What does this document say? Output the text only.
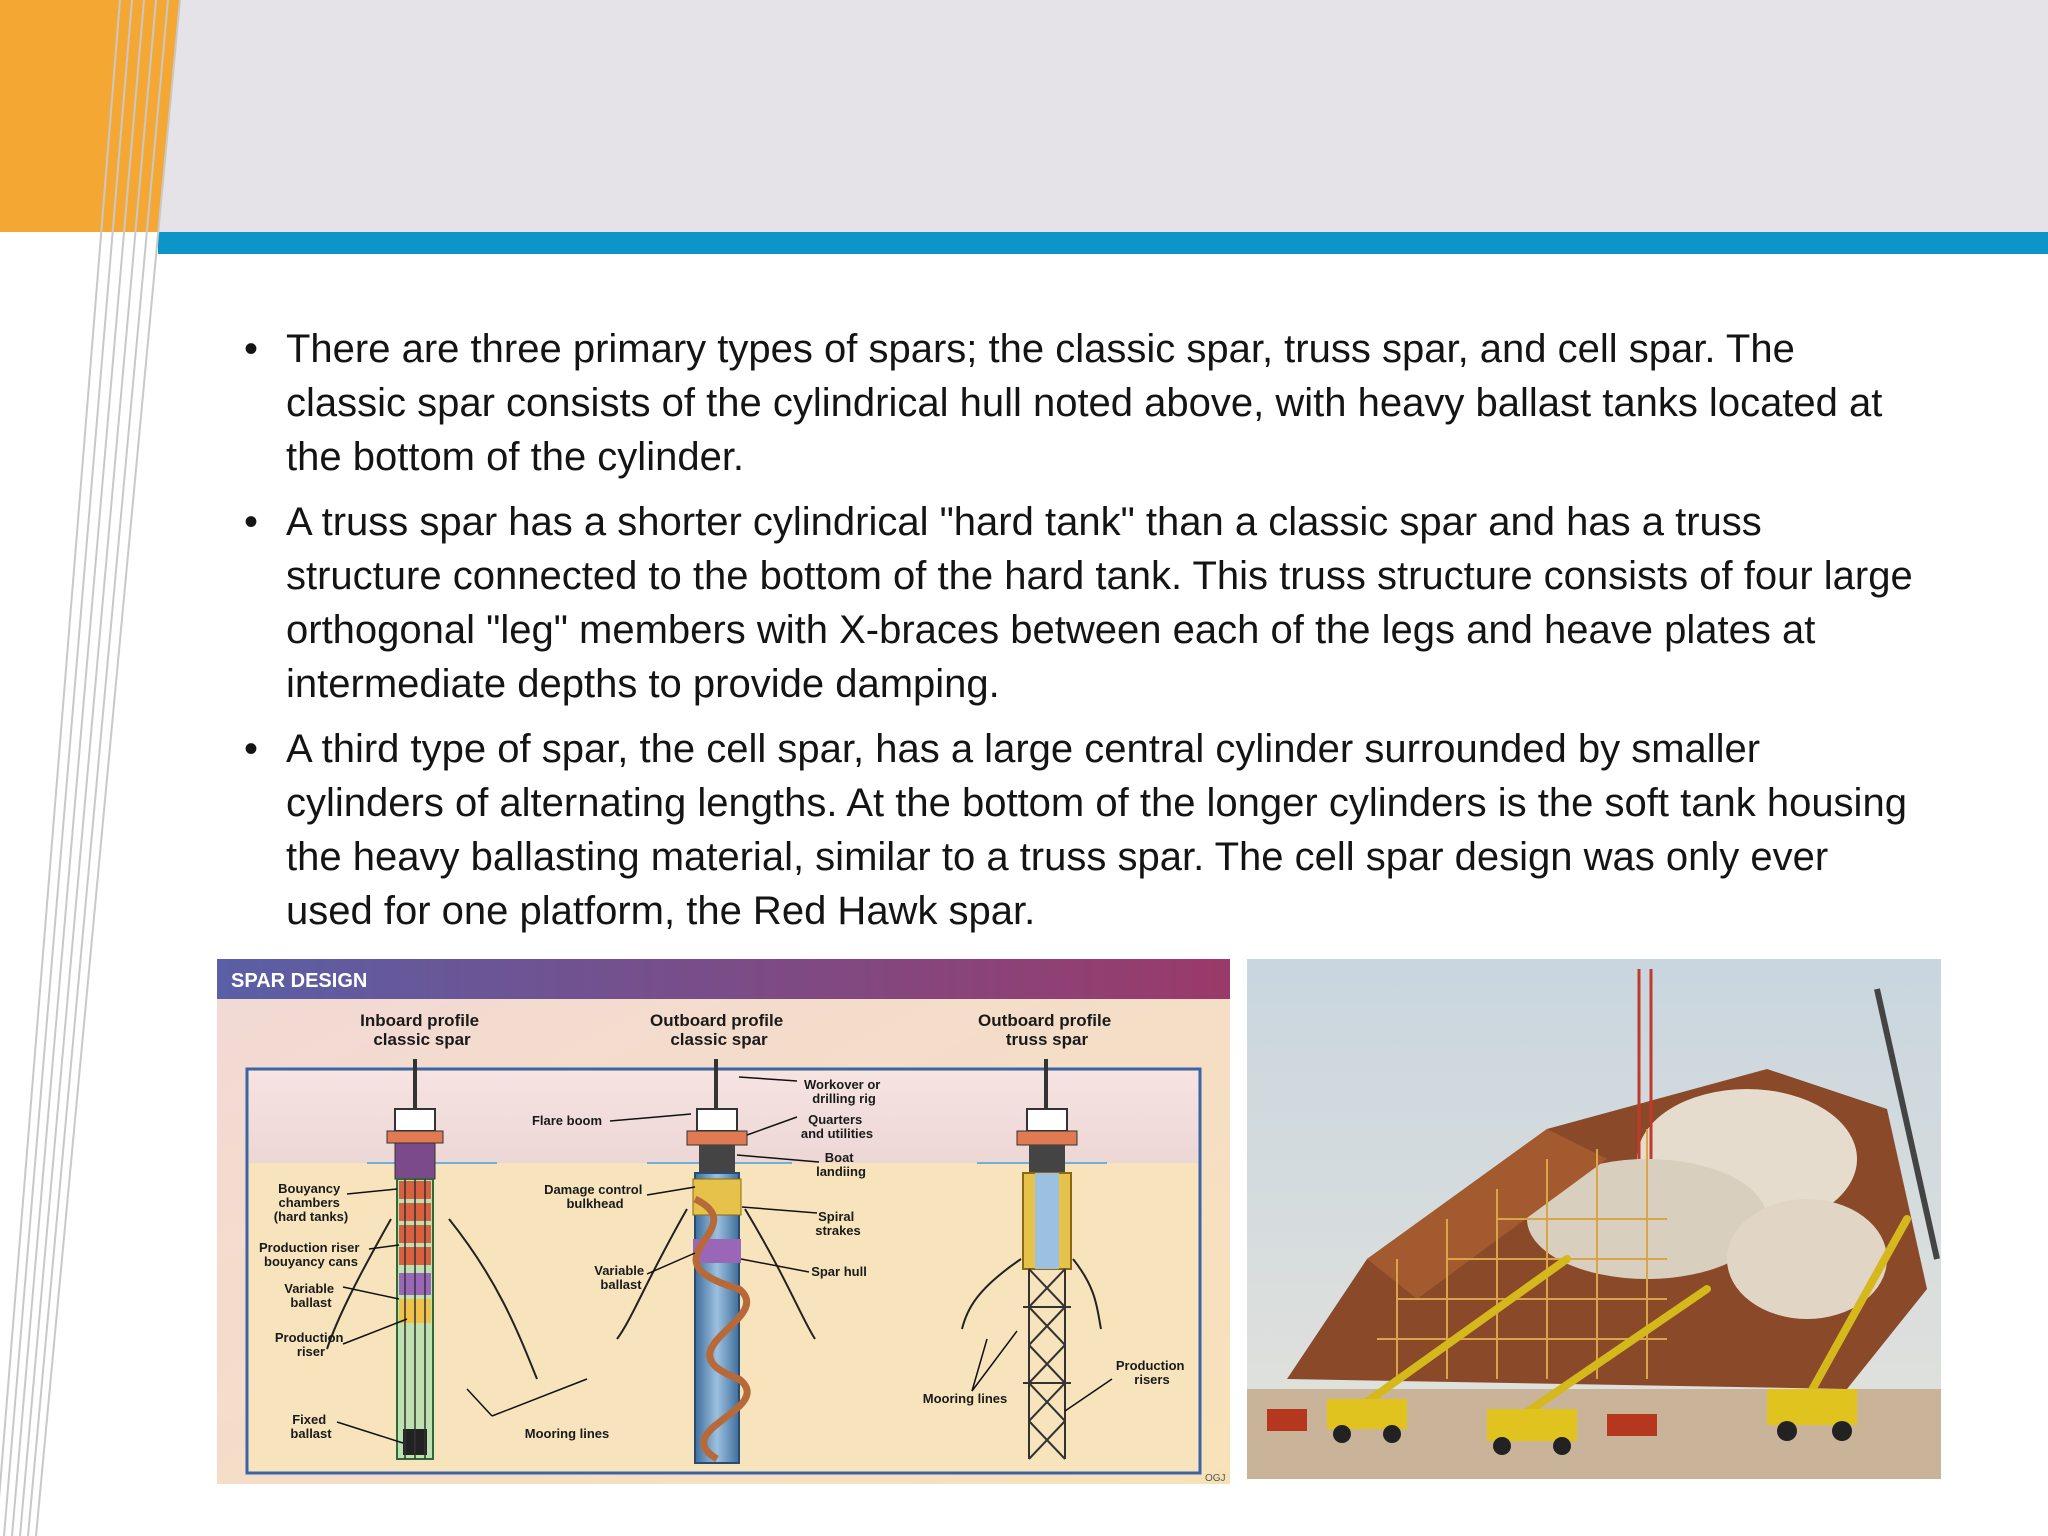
• There are three primary types of spars; the classic spar, truss spar, and cell spar. The classic spar consists of the cylindrical hull noted above, with heavy ballast tanks located at the bottom of the cylinder.
• A truss spar has a shorter cylindrical "hard tank" than a classic spar and has a truss structure connected to the bottom of the hard tank. This truss structure consists of four large orthogonal "leg" members with X-braces between each of the legs and heave plates at intermediate depths to provide damping.
• A third type of spar, the cell spar, has a large central cylinder surrounded by smaller cylinders of alternating lengths. At the bottom of the longer cylinders is the soft tank housing the heavy ballasting material, similar to a truss spar. The cell spar design was only ever used for one platform, the Red Hawk spar.
SPAR DESIGN
Inboard profile classic spar
Outboard profile classic spar
Outboard profile truss spar
Bouyancy chambers (hard tanks)
Production riser bouyancy cans
Variable ballast
Production riser
Fixed ballast
Flare boom
Damage control bulkhead
Variable ballast
Mooring lines
Workover or drilling rig
Quarters and utilities
Boat landiing
Spiral strakes
Spar hull
Mooring lines
Production risers
OGJ
